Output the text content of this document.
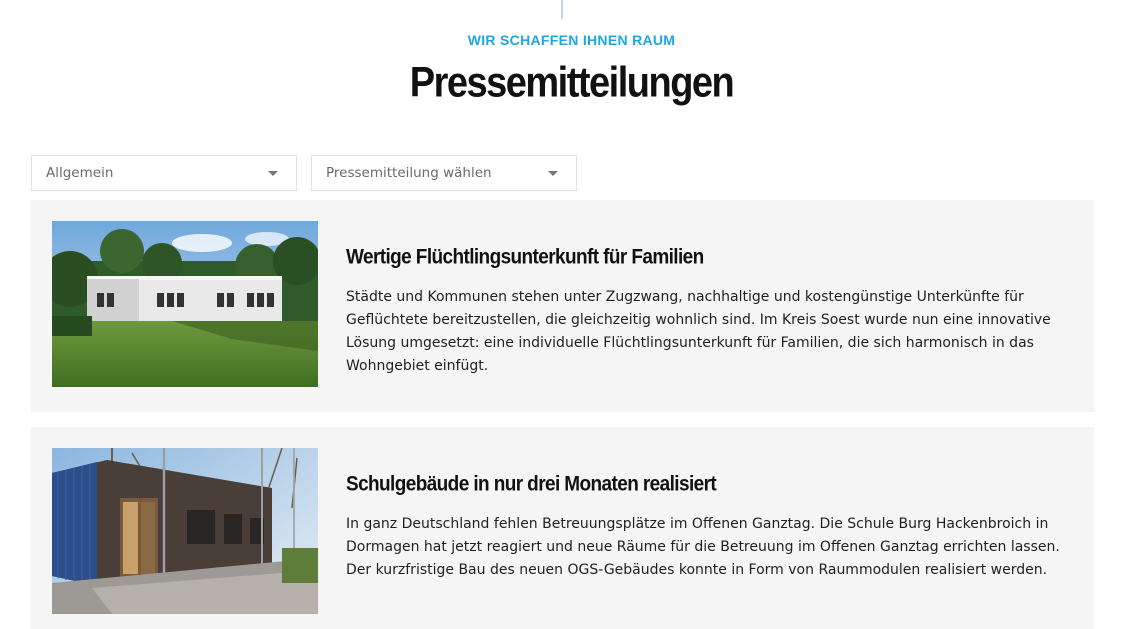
WIR SCHAFFEN IHNEN RAUM
Pressemitteilungen
Allgemein	Pressemitteilung wählen
Wertige Flüchtlingsunterkunft für Familien

Städte und Kommunen stehen unter Zugzwang, nachhaltige und kostengünstige Unterkünfte für Geflüchtete bereitzustellen, die gleichzeitig wohnlich sind. Im Kreis Soest wurde nun eine innovative Lösung umgesetzt: eine individuelle Flüchtlingsunterkunft für Familien, die sich harmonisch in das Wohngebiet einfügt.

Schulgebäude in nur drei Monaten realisiert

In ganz Deutschland fehlen Betreuungsplätze im Offenen Ganztag. Die Schule Burg Hackenbroich in Dormagen hat jetzt reagiert und neue Räume für die Betreuung im Offenen Ganztag errichten lassen. Der kurzfristige Bau des neuen OGS-Gebäudes konnte in Form von Raummodulen realisiert werden.
